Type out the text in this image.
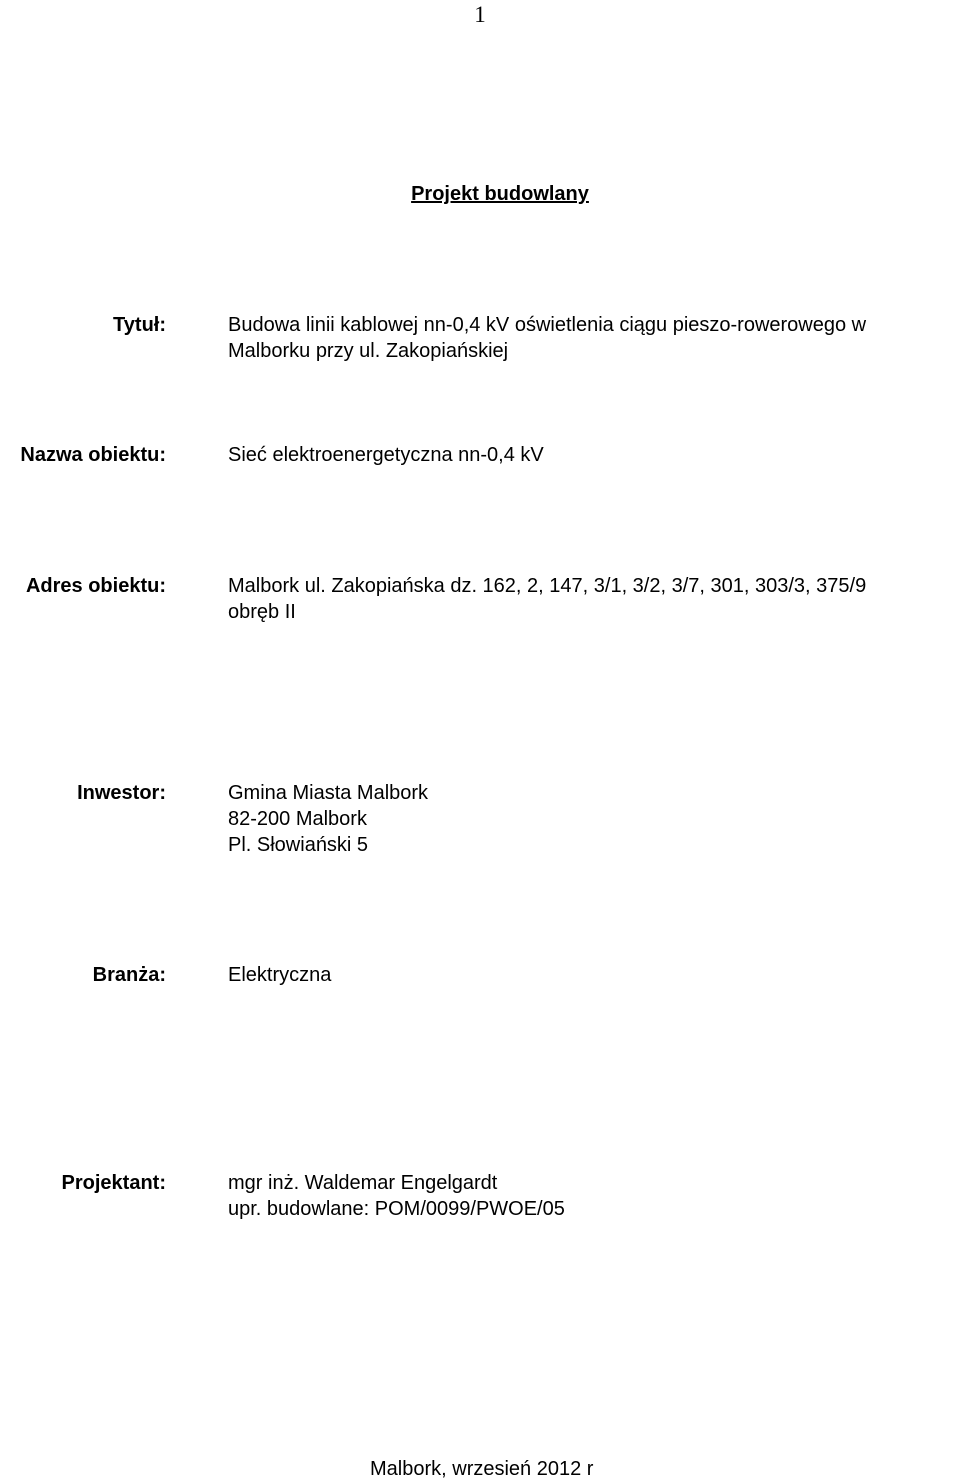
1
Projekt budowlany
Tytuł:	Budowa linii kablowej nn-0,4 kV oświetlenia ciągu pieszo-rowerowego w
Malborku przy ul. Zakopiańskiej
Nazwa obiektu:	Sieć elektroenergetyczna nn-0,4 kV
Adres obiektu:	Malbork ul. Zakopiańska dz. 162, 2, 147, 3/1, 3/2, 3/7, 301, 303/3, 375/9
obręb II
Inwestor:	Gmina Miasta Malbork
82-200 Malbork
Pl. Słowiański 5
Branża:	Elektryczna
Projektant:	mgr inż. Waldemar Engelgardt
upr. budowlane: POM/0099/PWOE/05
Malbork, wrzesień 2012 r
